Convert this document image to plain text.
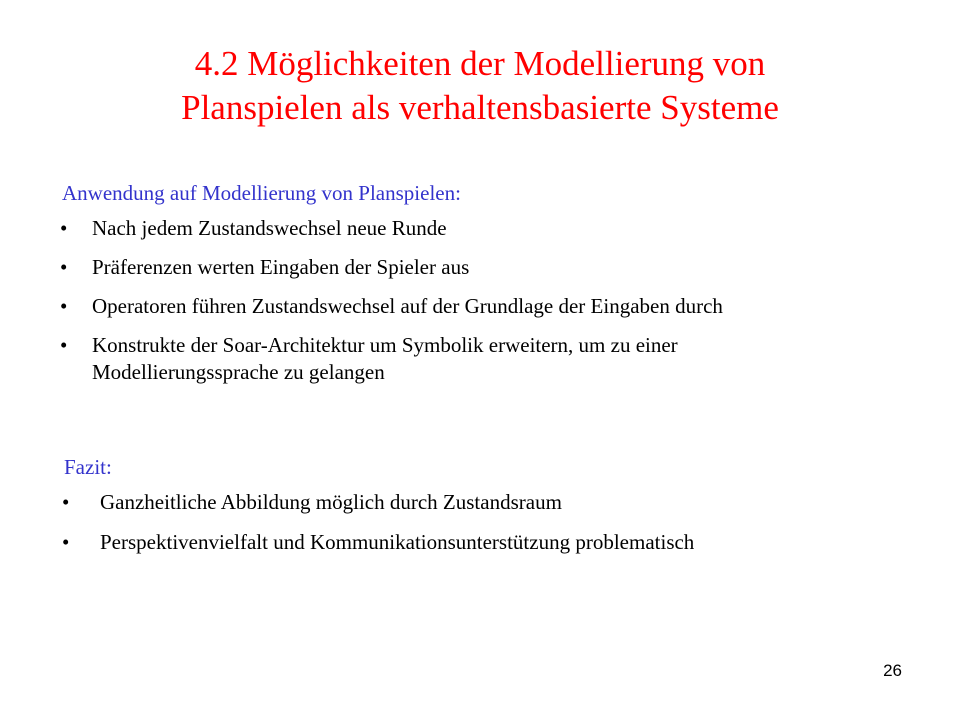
4.2 Möglichkeiten der Modellierung von
Planspielen als verhaltensbasierte Systeme
Anwendung auf Modellierung von Planspielen:
• Nach jedem Zustandswechsel neue Runde
• Präferenzen werten Eingaben der Spieler aus
• Operatoren führen Zustandswechsel auf der Grundlage der Eingaben durch
• Konstrukte der Soar-Architektur um Symbolik erweitern, um zu einer Modellierungssprache zu gelangen
Fazit:
• Ganzheitliche Abbildung möglich durch Zustandsraum
• Perspektivenvielfalt und Kommunikationsunterstützung problematisch
26
